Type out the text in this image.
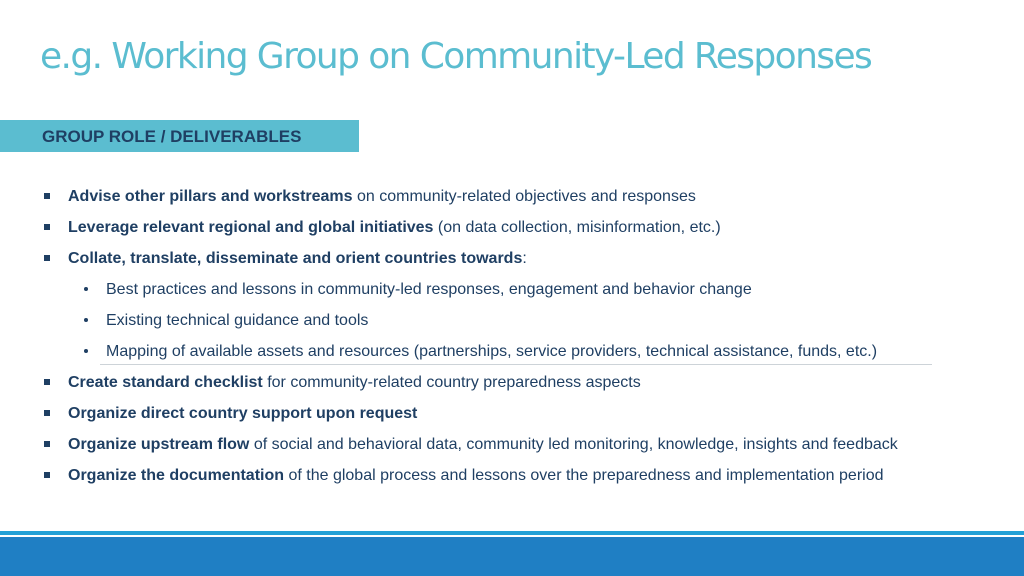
e.g. Working Group on Community-Led Responses
GROUP ROLE / DELIVERABLES
Advise other pillars and workstreams on community-related objectives and responses
Leverage relevant regional and global initiatives (on data collection, misinformation, etc.)
Collate, translate, disseminate and orient countries towards:
Best practices and lessons in community-led responses, engagement and behavior change
Existing technical guidance and tools
Mapping of available assets and resources (partnerships, service providers, technical assistance, funds, etc.)
Create standard checklist for community-related country preparedness aspects
Organize direct country support upon request
Organize upstream flow of social and behavioral data, community led monitoring, knowledge, insights and feedback
Organize the documentation of the global process and lessons over the preparedness and implementation period
